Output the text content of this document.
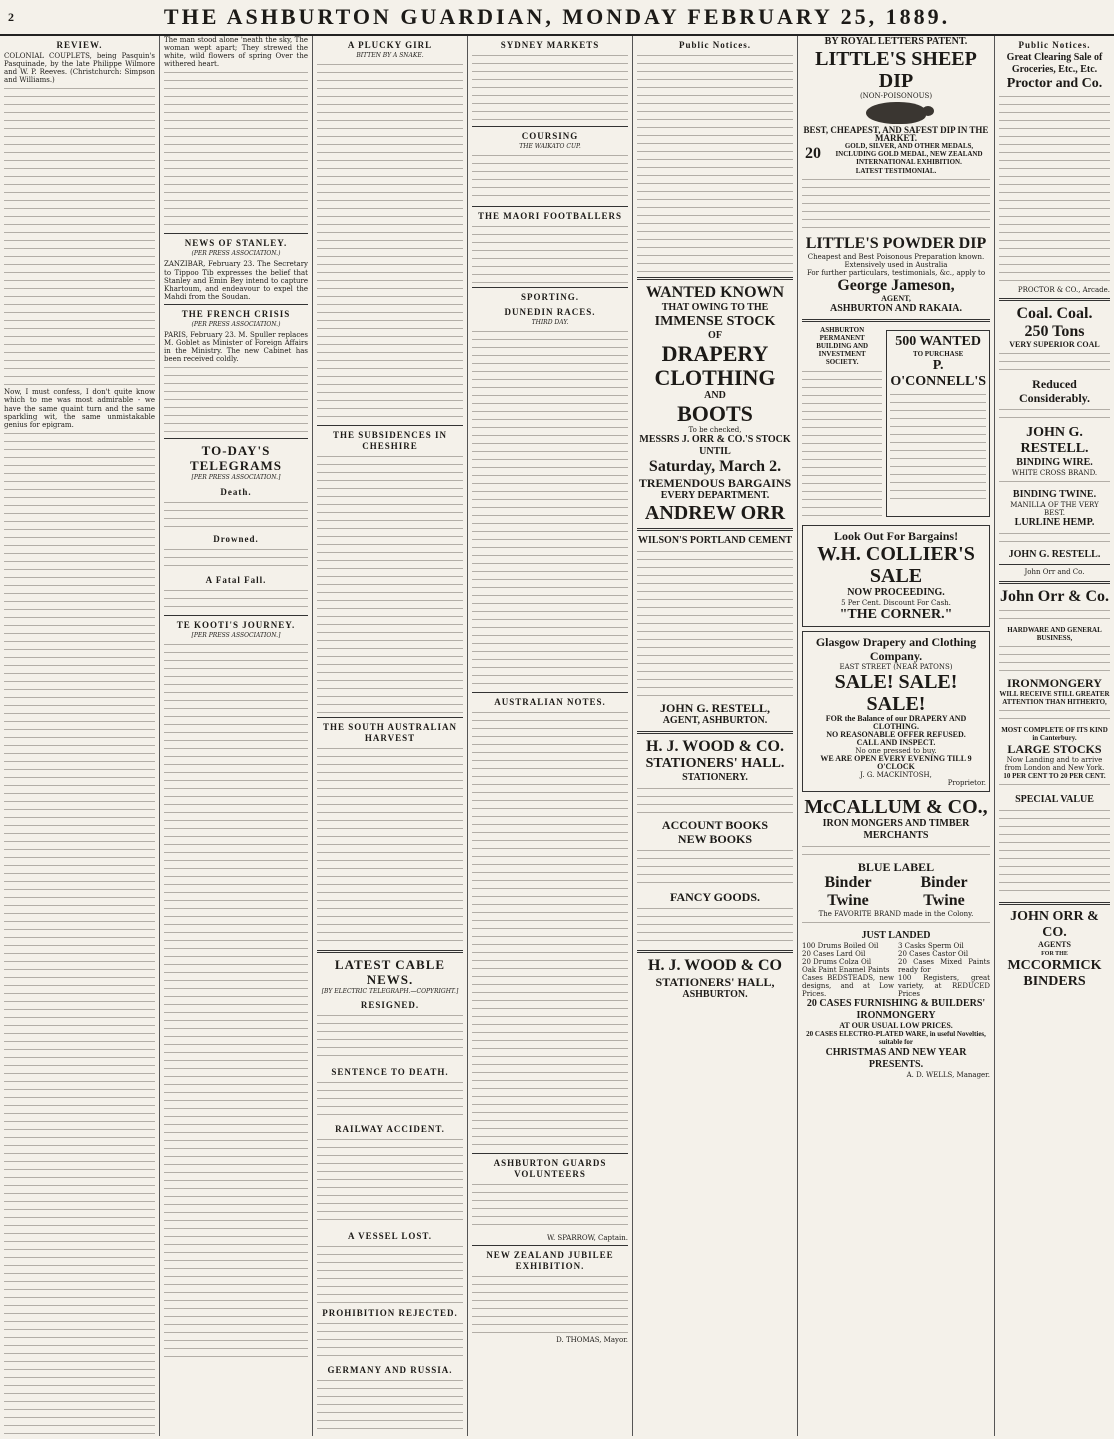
2	THE ASHBURTON GUARDIAN, MONDAY FEBRUARY 25, 1889.
REVIEW.
COLONIAL COUPLETS, being Pasquin's Pasquinade, by the late Philippe Wilmore and W. P. Reeves. (Christchurch: Simpson and Williams.)
Now, I must confess, I don't quite know which to me was most admirable - we have the same quaint turn and the same sparkling wit, the same unmistakable genius for epigram.
The man stood alone 'neath the sky, The woman wept apart; They strewed the white, wild flowers of spring Over the withered heart.
NEWS OF STANLEY.
(PER PRESS ASSOCIATION.)
ZANZIBAR, February 23. The Secretary to Tippoo Tib expresses the belief that Stanley and Emin Bey intend to capture Khartoum, and endeavour to expel the Mahdi from the Soudan.
THE FRENCH CRISIS
(PER PRESS ASSOCIATION.)
PARIS, February 23. M. Spuller replaces M. Goblet as Minister of Foreign Affairs in the Ministry. The new Cabinet has been received coldly.
TO-DAY'S TELEGRAMS
[PER PRESS ASSOCIATION.]
Death.
Drowned.
A Fatal Fall.
TE KOOTI'S JOURNEY.
[PER PRESS ASSOCIATION.]
A PLUCKY GIRL
BITTEN BY A SNAKE.
THE SUBSIDENCES IN CHESHIRE
THE SOUTH AUSTRALIAN HARVEST
LATEST CABLE NEWS.
[BY ELECTRIC TELEGRAPH.—COPYRIGHT.]
RESIGNED.
SENTENCE TO DEATH.
RAILWAY ACCIDENT.
A VESSEL LOST.
PROHIBITION REJECTED.
GERMANY AND RUSSIA.
SYDNEY MARKETS
COURSING
THE WAIKATO CUP.
THE MAORI FOOTBALLERS
SPORTING.
DUNEDIN RACES.
THIRD DAY.
AUSTRALIAN NOTES.
ASHBURTON GUARDS VOLUNTEERS
W. SPARROW, Captain.
NEW ZEALAND JUBILEE EXHIBITION.
D. THOMAS, Mayor.
Public Notices.
WANTED KNOWN
THAT OWING TO THE
IMMENSE STOCK
OF
DRAPERY
CLOTHING
AND
BOOTS
To be checked,
MESSRS J. ORR & CO.'S STOCK
UNTIL
Saturday, March 2.
TREMENDOUS BARGAINS
EVERY DEPARTMENT.
ANDREW ORR
WILSON'S PORTLAND CEMENT
JOHN G. RESTELL,
AGENT, ASHBURTON.
H. J. WOOD & CO.
STATIONERS' HALL.
STATIONERY.
ACCOUNT BOOKS
NEW BOOKS
FANCY GOODS.
H. J. WOOD & CO
STATIONERS' HALL,
ASHBURTON.
BY ROYAL LETTERS PATENT.
LITTLE'S SHEEP DIP
(NON-POISONOUS)
BEST, CHEAPEST, AND SAFEST DIP IN THE MARKET.
20	GOLD, SILVER, AND OTHER MEDALS, INCLUDING GOLD MEDAL, NEW ZEALAND INTERNATIONAL EXHIBITION.
LATEST TESTIMONIAL.
LITTLE'S POWDER DIP
Cheapest and Best Poisonous Preparation known. Extensively used in Australia
For further particulars, testimonials, &c., apply to
George Jameson,
AGENT,
ASHBURTON AND RAKAIA.
ASHBURTON PERMANENT BUILDING AND INVESTMENT SOCIETY.
500 WANTED
TO PURCHASE
P. O'CONNELL'S
Look Out For Bargains!
W.H. COLLIER'S SALE
NOW PROCEEDING.
5 Per Cent. Discount For Cash.
"THE CORNER."
Glasgow Drapery and Clothing Company.
EAST STREET (NEAR PATONS)
SALE! SALE! SALE!
FOR the Balance of our DRAPERY AND CLOTHING.
NO REASONABLE OFFER REFUSED.
CALL AND INSPECT.
No one pressed to buy.
WE ARE OPEN EVERY EVENING TILL 9 O'CLOCK
J. G. MACKINTOSH,
Proprietor.
McCALLUM & CO.,
IRON MONGERS AND TIMBER MERCHANTS
BLUE LABEL
Binder Twine
Binder Twine
The FAVORITE BRAND made in the Colony.
JUST LANDED

100 Drums Boiled Oil

20 Cases Lard Oil

20 Drums Colza Oil

Oak Paint Enamel Paints

Cases BEDSTEADS, new designs, and at Low Prices.

3 Casks Sperm Oil

20 Cases Castor Oil

20 Cases Mixed Paints ready for

100 Registers, great variety, at REDUCED Prices

20 CASES FURNISHING & BUILDERS' IRONMONGERY
AT OUR USUAL LOW PRICES.
20 CASES ELECTRO-PLATED WARE, in useful Novelties, suitable for
CHRISTMAS AND NEW YEAR PRESENTS.
A. D. WELLS, Manager.
Public Notices.
Great Clearing Sale of Groceries, Etc., Etc.
Proctor and Co.
PROCTOR & CO., Arcade.
Coal. Coal.
250 Tons
VERY SUPERIOR COAL
Reduced Considerably.
JOHN G. RESTELL.
BINDING WIRE.
WHITE CROSS BRAND.
BINDING TWINE.
MANILLA OF THE VERY BEST.
LURLINE HEMP.
JOHN G. RESTELL.
John Orr and Co.
John Orr & Co.
HARDWARE AND GENERAL BUSINESS,
IRONMONGERY
WILL RECEIVE STILL GREATER ATTENTION THAN HITHERTO,
MOST COMPLETE OF ITS KIND in Canterbury.
LARGE STOCKS
Now Landing and to arrive from London and New York.
10 PER CENT TO 20 PER CENT.
SPECIAL VALUE
JOHN ORR & CO.
AGENTS
FOR THE
MCCORMICK
BINDERS
